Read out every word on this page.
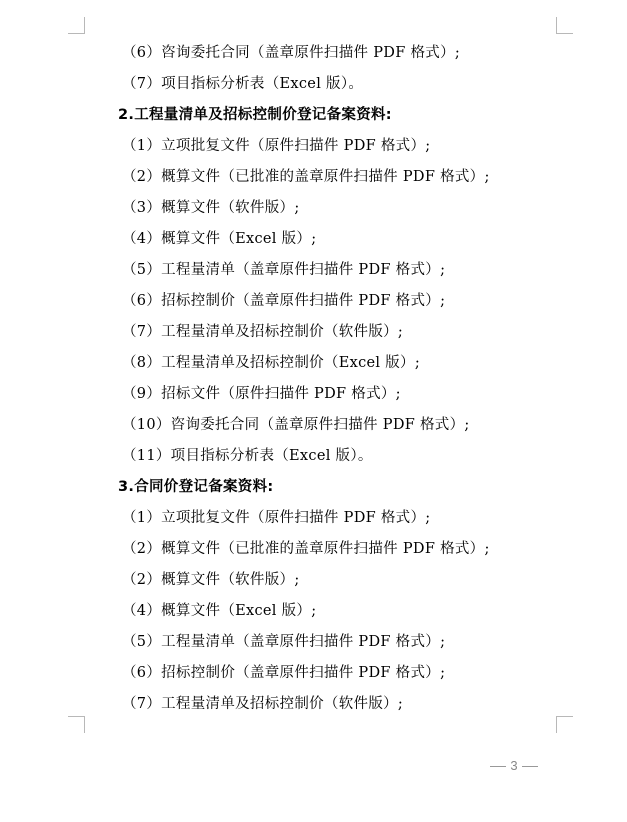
（6）咨询委托合同（盖章原件扫描件 PDF 格式）;
（7）项目指标分析表（Excel 版）。
2.工程量清单及招标控制价登记备案资料:
（1）立项批复文件（原件扫描件 PDF 格式）;
（2）概算文件（已批准的盖章原件扫描件 PDF 格式）;
（3）概算文件（软件版）;
（4）概算文件（Excel 版）;
（5）工程量清单（盖章原件扫描件 PDF 格式）;
（6）招标控制价（盖章原件扫描件 PDF 格式）;
（7）工程量清单及招标控制价（软件版）;
（8）工程量清单及招标控制价（Excel 版）;
（9）招标文件（原件扫描件 PDF 格式）;
（10）咨询委托合同（盖章原件扫描件 PDF 格式）;
（11）项目指标分析表（Excel 版）。
3.合同价登记备案资料:
（1）立项批复文件（原件扫描件 PDF 格式）;
（2）概算文件（已批准的盖章原件扫描件 PDF 格式）;
（2）概算文件（软件版）;
（4）概算文件（Excel 版）;
（5）工程量清单（盖章原件扫描件 PDF 格式）;
（6）招标控制价（盖章原件扫描件 PDF 格式）;
（7）工程量清单及招标控制价（软件版）;
3
